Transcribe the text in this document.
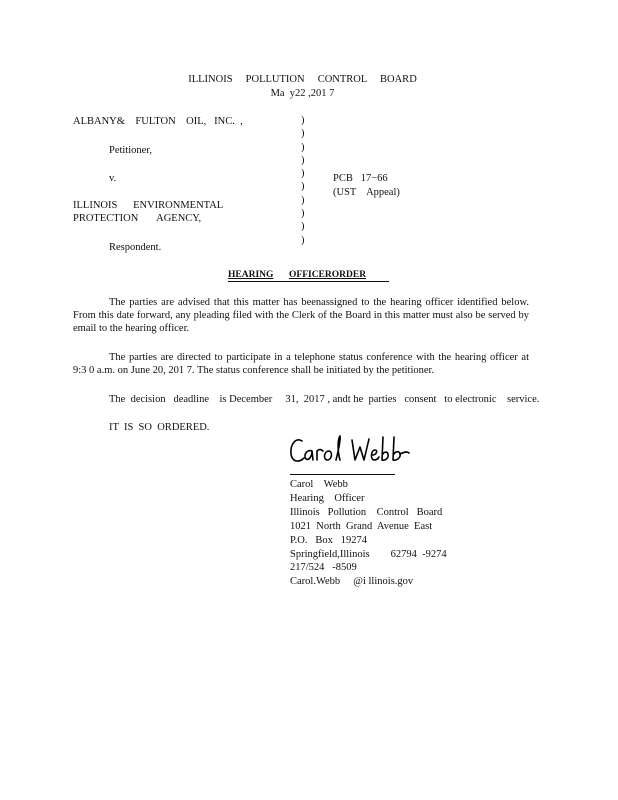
ILLINOIS     POLLUTION     CONTROL     BOARD
Ma  y22 ,201 7
ALBANY&    FULTON    OIL,   INC.  ,
Petitioner,
v.
ILLINOIS      ENVIRONMENTAL
PROTECTION       AGENCY,
Respondent.
)
)
)
)
)
)
)
)
)
)
PCB   17−66
(UST    Appeal)
HEARING OFFICERORDER
The parties are advised that this matter has beenassigned to the hearing officer identified below. From this date forward, any pleading filed with the Clerk of the Board in this matter must also be served by email to the hearing officer.
The parties are directed to participate in a telephone status conference with the hearing officer at 9:3 0 a.m. on June 20, 201 7. The status conference shall be initiated by the petitioner.
The  decision   deadline    is December     31,  2017 , andt he  parties   consent   to electronic    service.
IT  IS  SO  ORDERED.
Carol    Webb
Hearing    Officer
Illinois   Pollution    Control   Board
1021  North  Grand  Avenue  East
P.O.   Box   19274
Springfield,Illinois        62794  -9274
217/524   -8509
Carol.Webb     @i llinois.gov
